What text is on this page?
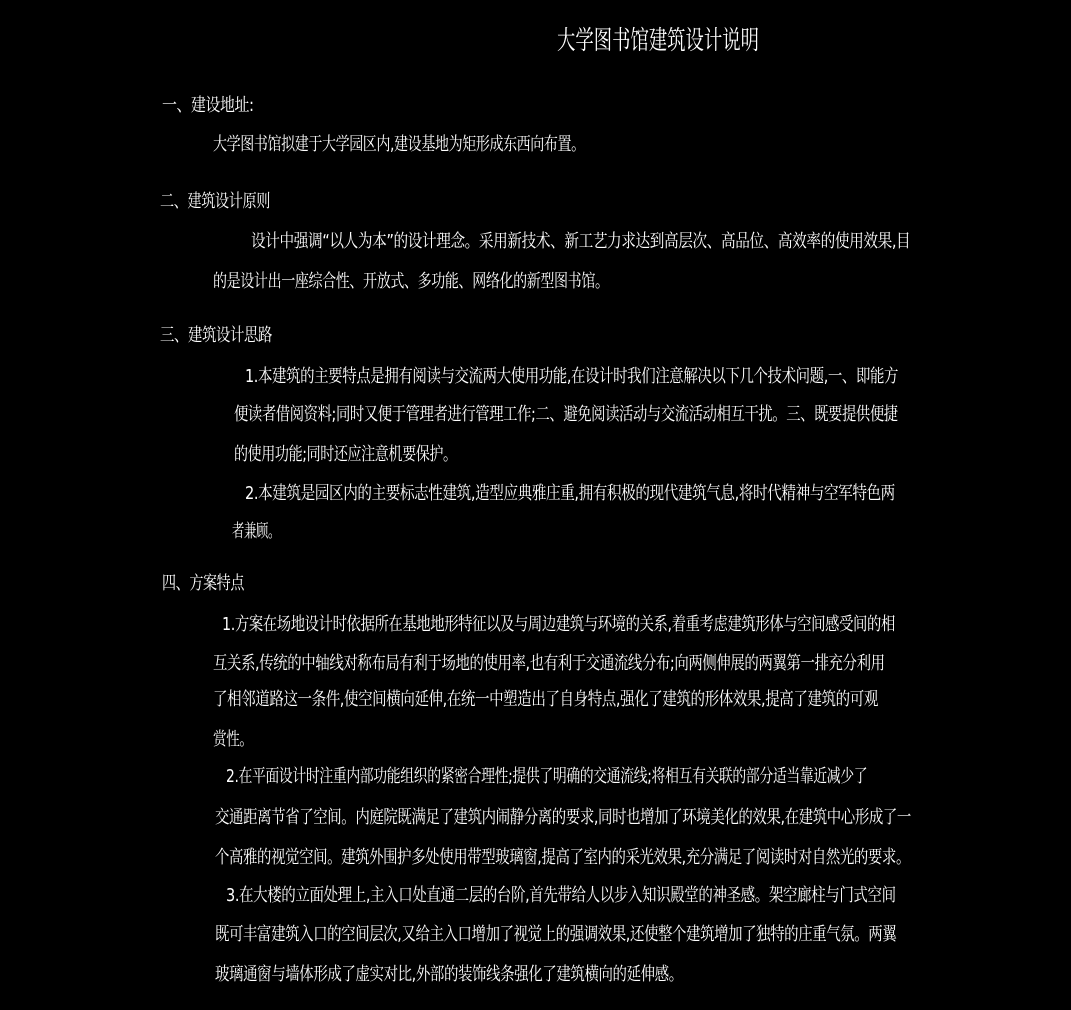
大学图书馆建筑设计说明
一、建设地址:
大学图书馆拟建于大学园区内,建设基地为矩形成东西向布置。
二、建筑设计原则
设计中强调“以人为本”的设计理念。采用新技术、新工艺力求达到高层次、高品位、高效率的使用效果,目
的是设计出一座综合性、开放式、多功能、网络化的新型图书馆。
三、建筑设计思路
1.本建筑的主要特点是拥有阅读与交流两大使用功能,在设计时我们注意解决以下几个技术问题,一、即能方
便读者借阅资料;同时又便于管理者进行管理工作;二、避免阅读活动与交流活动相互干扰。三、既要提供便捷
的使用功能;同时还应注意机要保护。
2.本建筑是园区内的主要标志性建筑,造型应典雅庄重,拥有积极的现代建筑气息,将时代精神与空军特色两
者兼顾。
四、方案特点
1.方案在场地设计时依据所在基地地形特征以及与周边建筑与环境的关系,着重考虑建筑形体与空间感受间的相
互关系,传统的中轴线对称布局有利于场地的使用率,也有利于交通流线分布;向两侧伸展的两翼第一排充分利用
了相邻道路这一条件,使空间横向延伸,在统一中塑造出了自身特点,强化了建筑的形体效果,提高了建筑的可观
赏性。
2.在平面设计时注重内部功能组织的紧密合理性;提供了明确的交通流线;将相互有关联的部分适当靠近减少了
交通距离节省了空间。内庭院既满足了建筑内闹静分离的要求,同时也增加了环境美化的效果,在建筑中心形成了一
个高雅的视觉空间。建筑外围护多处使用带型玻璃窗,提高了室内的采光效果,充分满足了阅读时对自然光的要求。
3.在大楼的立面处理上,主入口处直通二层的台阶,首先带给人以步入知识殿堂的神圣感。架空廊柱与门式空间
既可丰富建筑入口的空间层次,又给主入口增加了视觉上的强调效果,还使整个建筑增加了独特的庄重气氛。两翼
玻璃通窗与墙体形成了虚实对比,外部的装饰线条强化了建筑横向的延伸感。
